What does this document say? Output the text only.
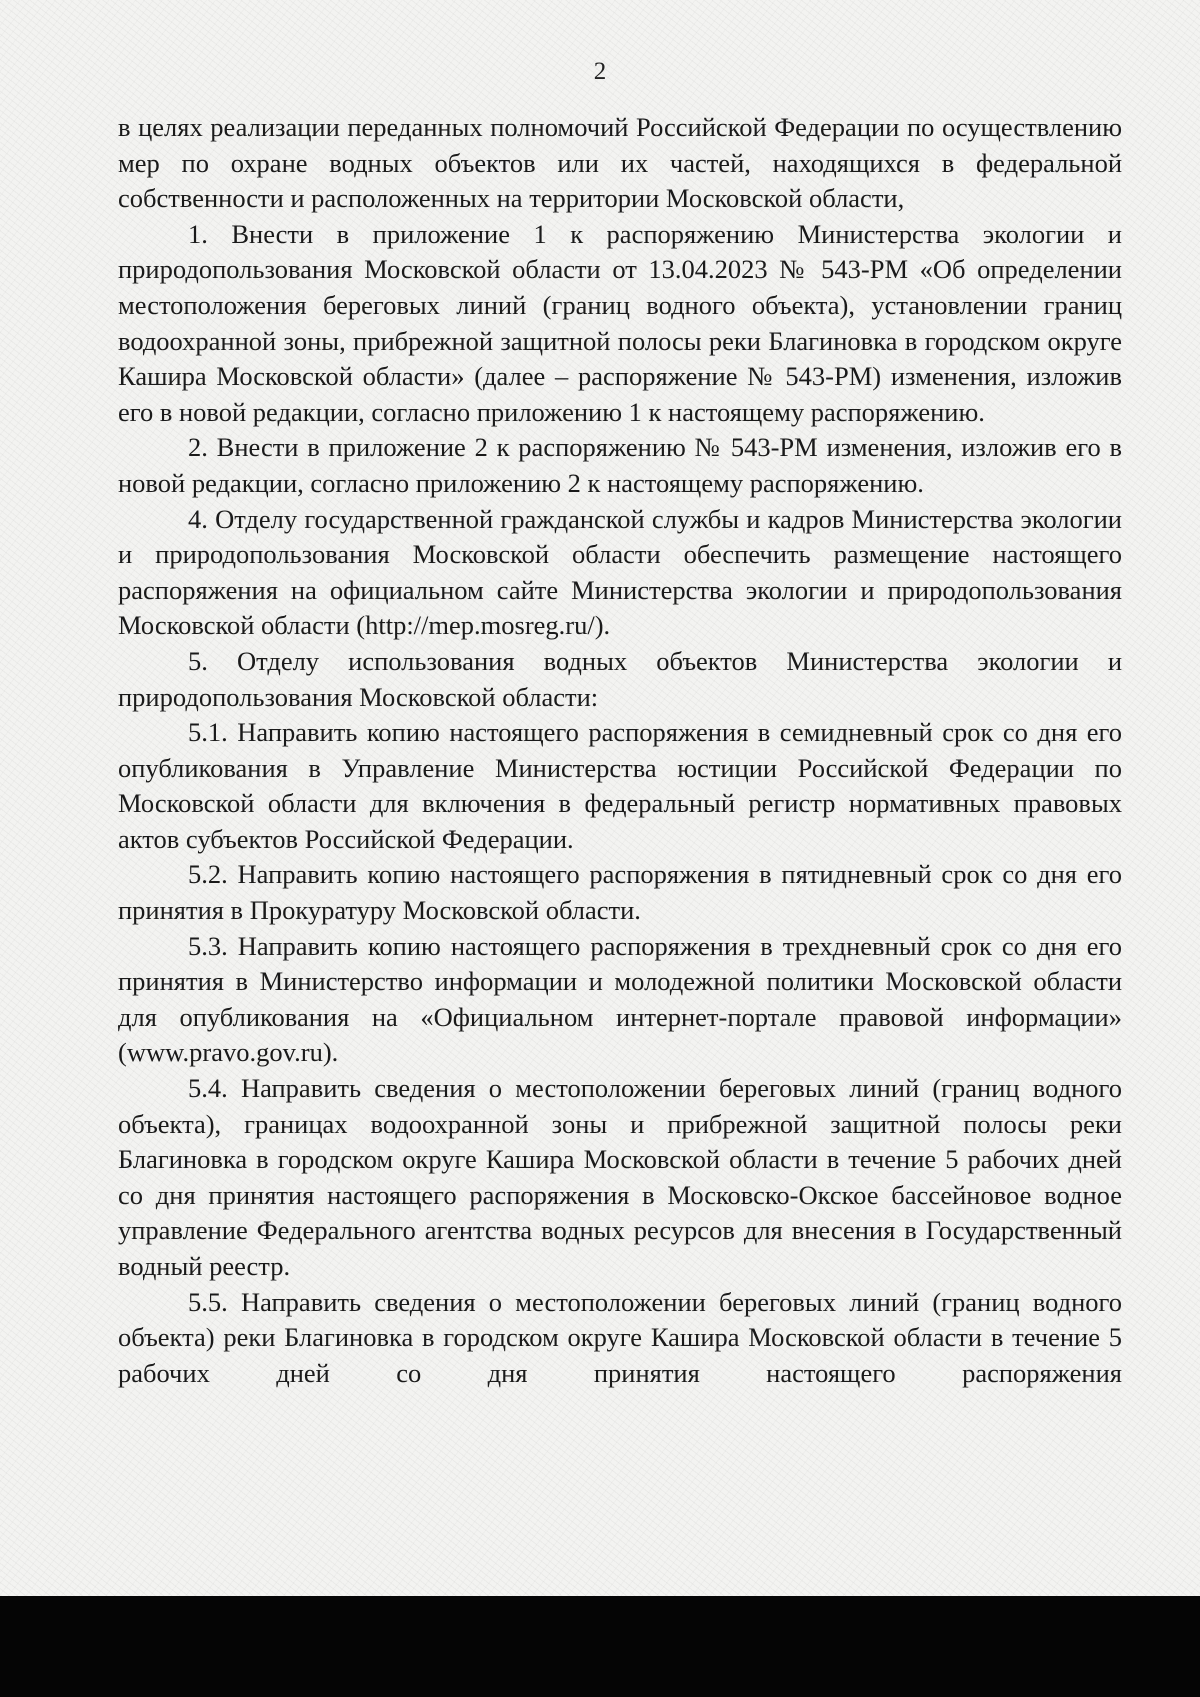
2

в целях реализации переданных полномочий Российской Федерации по осуществлению мер по охране водных объектов или их частей, находящихся в федеральной собственности и расположенных на территории Московской области,

1. Внести в приложение 1 к распоряжению Министерства экологии и природопользования Московской области от 13.04.2023 № 543-РМ «Об определении местоположения береговых линий (границ водного объекта), установлении границ водоохранной зоны, прибрежной защитной полосы реки Благиновка в городском округе Кашира Московской области» (далее – распоряжение № 543-РМ) изменения, изложив его в новой редакции, согласно приложению 1 к настоящему распоряжению.

2. Внести в приложение 2 к распоряжению № 543-РМ изменения, изложив его в новой редакции, согласно приложению 2 к настоящему распоряжению.

4. Отделу государственной гражданской службы и кадров Министерства экологии и природопользования Московской области обеспечить размещение настоящего распоряжения на официальном сайте Министерства экологии и природопользования Московской области (http://mep.mosreg.ru/).

5. Отделу использования водных объектов Министерства экологии и природопользования Московской области:

5.1. Направить копию настоящего распоряжения в семидневный срок со дня его опубликования в Управление Министерства юстиции Российской Федерации по Московской области для включения в федеральный регистр нормативных правовых актов субъектов Российской Федерации.

5.2. Направить копию настоящего распоряжения в пятидневный срок со дня его принятия в Прокуратуру Московской области.

5.3. Направить копию настоящего распоряжения в трехдневный срок со дня его принятия в Министерство информации и молодежной политики Московской области для опубликования на «Официальном интернет-портале правовой информации» (www.pravo.gov.ru).

5.4. Направить сведения о местоположении береговых линий (границ водного объекта), границах водоохранной зоны и прибрежной защитной полосы реки Благиновка в городском округе Кашира Московской области в течение 5 рабочих дней со дня принятия настоящего распоряжения в Московско-Окское бассейновое водное управление Федерального агентства водных ресурсов для внесения в Государственный водный реестр.

5.5. Направить сведения о местоположении береговых линий (границ водного объекта) реки Благиновка в городском округе Кашира Московской области в течение 5 рабочих дней со дня принятия настоящего распоряжения
